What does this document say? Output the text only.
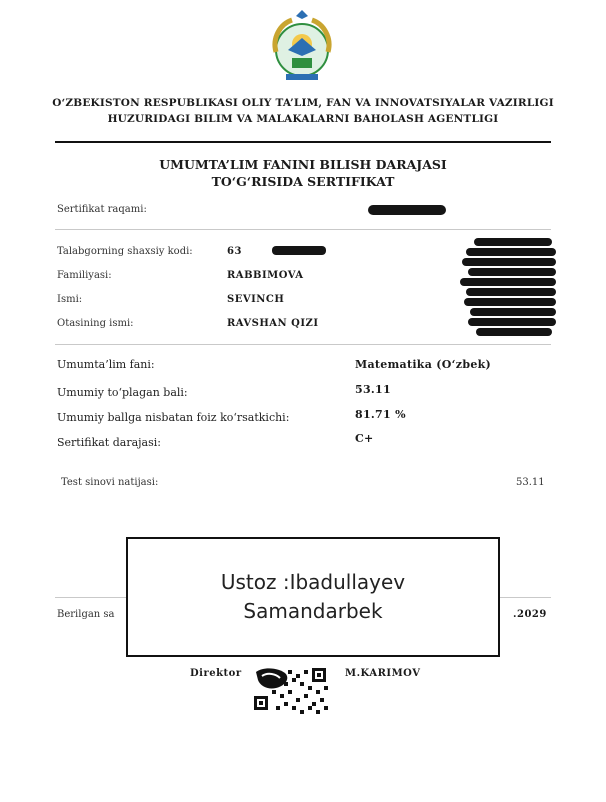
O‘ZBEKISTON RESPUBLIKASI OLIY TA’LIM, FAN VA INNOVATSIYALAR VAZIRLIGI
HUZURIDAGI BILIM VA MALAKALARNI BAHOLASH AGENTLIGI
UMUMTA’LIM FANINI BILISH DARAJASI
TO‘G‘RISIDA SERTIFIKAT
Sertifikat raqami:
Talabgorning shaxsiy kodi:	63
Familiyasi:	RABBIMOVA
Ismi:	SEVINCH
Otasining ismi:	RAVSHAN QIZI
Umumta’lim fani:	Matematika (O‘zbek)
Umumiy to‘plagan bali:	53.11
Umumiy ballga nisbatan foiz ko‘rsatkichi:	81.71 %
Sertifikat darajasi:	C+
Test sinovi natijasi:	53.11
Berilgan sa	.2029
Ustoz :Ibadullayev
Samandarbek
Direktor	M.KARIMOV
